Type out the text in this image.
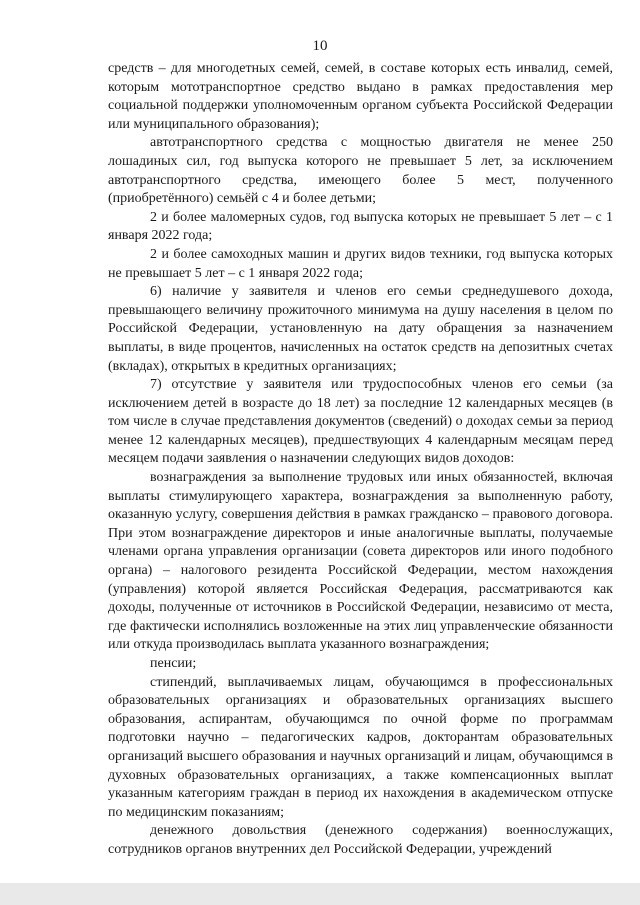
10

средств – для многодетных семей, семей, в составе которых есть инвалид, семей, которым мототранспортное средство выдано в рамках предоставления мер социальной поддержки уполномоченным органом субъекта Российской Федерации или муниципального образования);

автотранспортного средства с мощностью двигателя не менее 250 лошадиных сил, год выпуска которого не превышает 5 лет, за исключением автотранспортного средства, имеющего более 5 мест, полученного (приобретённого) семьёй с 4 и более детьми;

2 и более маломерных судов, год выпуска которых не превышает 5 лет – с 1 января 2022 года;

2 и более самоходных машин и других видов техники, год выпуска которых не превышает 5 лет – с 1 января 2022 года;

6) наличие у заявителя и членов его семьи среднедушевого дохода, превышающего величину прожиточного минимума на душу населения в целом по Российской Федерации, установленную на дату обращения за назначением выплаты, в виде процентов, начисленных на остаток средств на депозитных счетах (вкладах), открытых в кредитных организациях;

7) отсутствие у заявителя или трудоспособных членов его семьи (за исключением детей в возрасте до 18 лет) за последние 12 календарных месяцев (в том числе в случае представления документов (сведений) о доходах семьи за период менее 12 календарных месяцев), предшествующих 4 календарным месяцам перед месяцем подачи заявления о назначении следующих видов доходов:

вознаграждения за выполнение трудовых или иных обязанностей, включая выплаты стимулирующего характера, вознаграждения за выполненную работу, оказанную услугу, совершения действия в рамках гражданско – правового договора. При этом вознаграждение директоров и иные аналогичные выплаты, получаемые членами органа управления организации (совета директоров или иного подобного органа) – налогового резидента Российской Федерации, местом нахождения (управления) которой является Российская Федерация, рассматриваются как доходы, полученные от источников в Российской Федерации, независимо от места, где фактически исполнялись возложенные на этих лиц управленческие обязанности или откуда производилась выплата указанного вознаграждения;

пенсии;

стипендий, выплачиваемых лицам, обучающимся в профессиональных образовательных организациях и образовательных организациях высшего образования, аспирантам, обучающимся по очной форме по программам подготовки научно – педагогических кадров, докторантам образовательных организаций высшего образования и научных организаций и лицам, обучающимся в духовных образовательных организациях, а также компенсационных выплат указанным категориям граждан в период их нахождения в академическом отпуске по медицинским показаниям;

денежного довольствия (денежного содержания) военнослужащих, сотрудников органов внутренних дел Российской Федерации, учреждений
